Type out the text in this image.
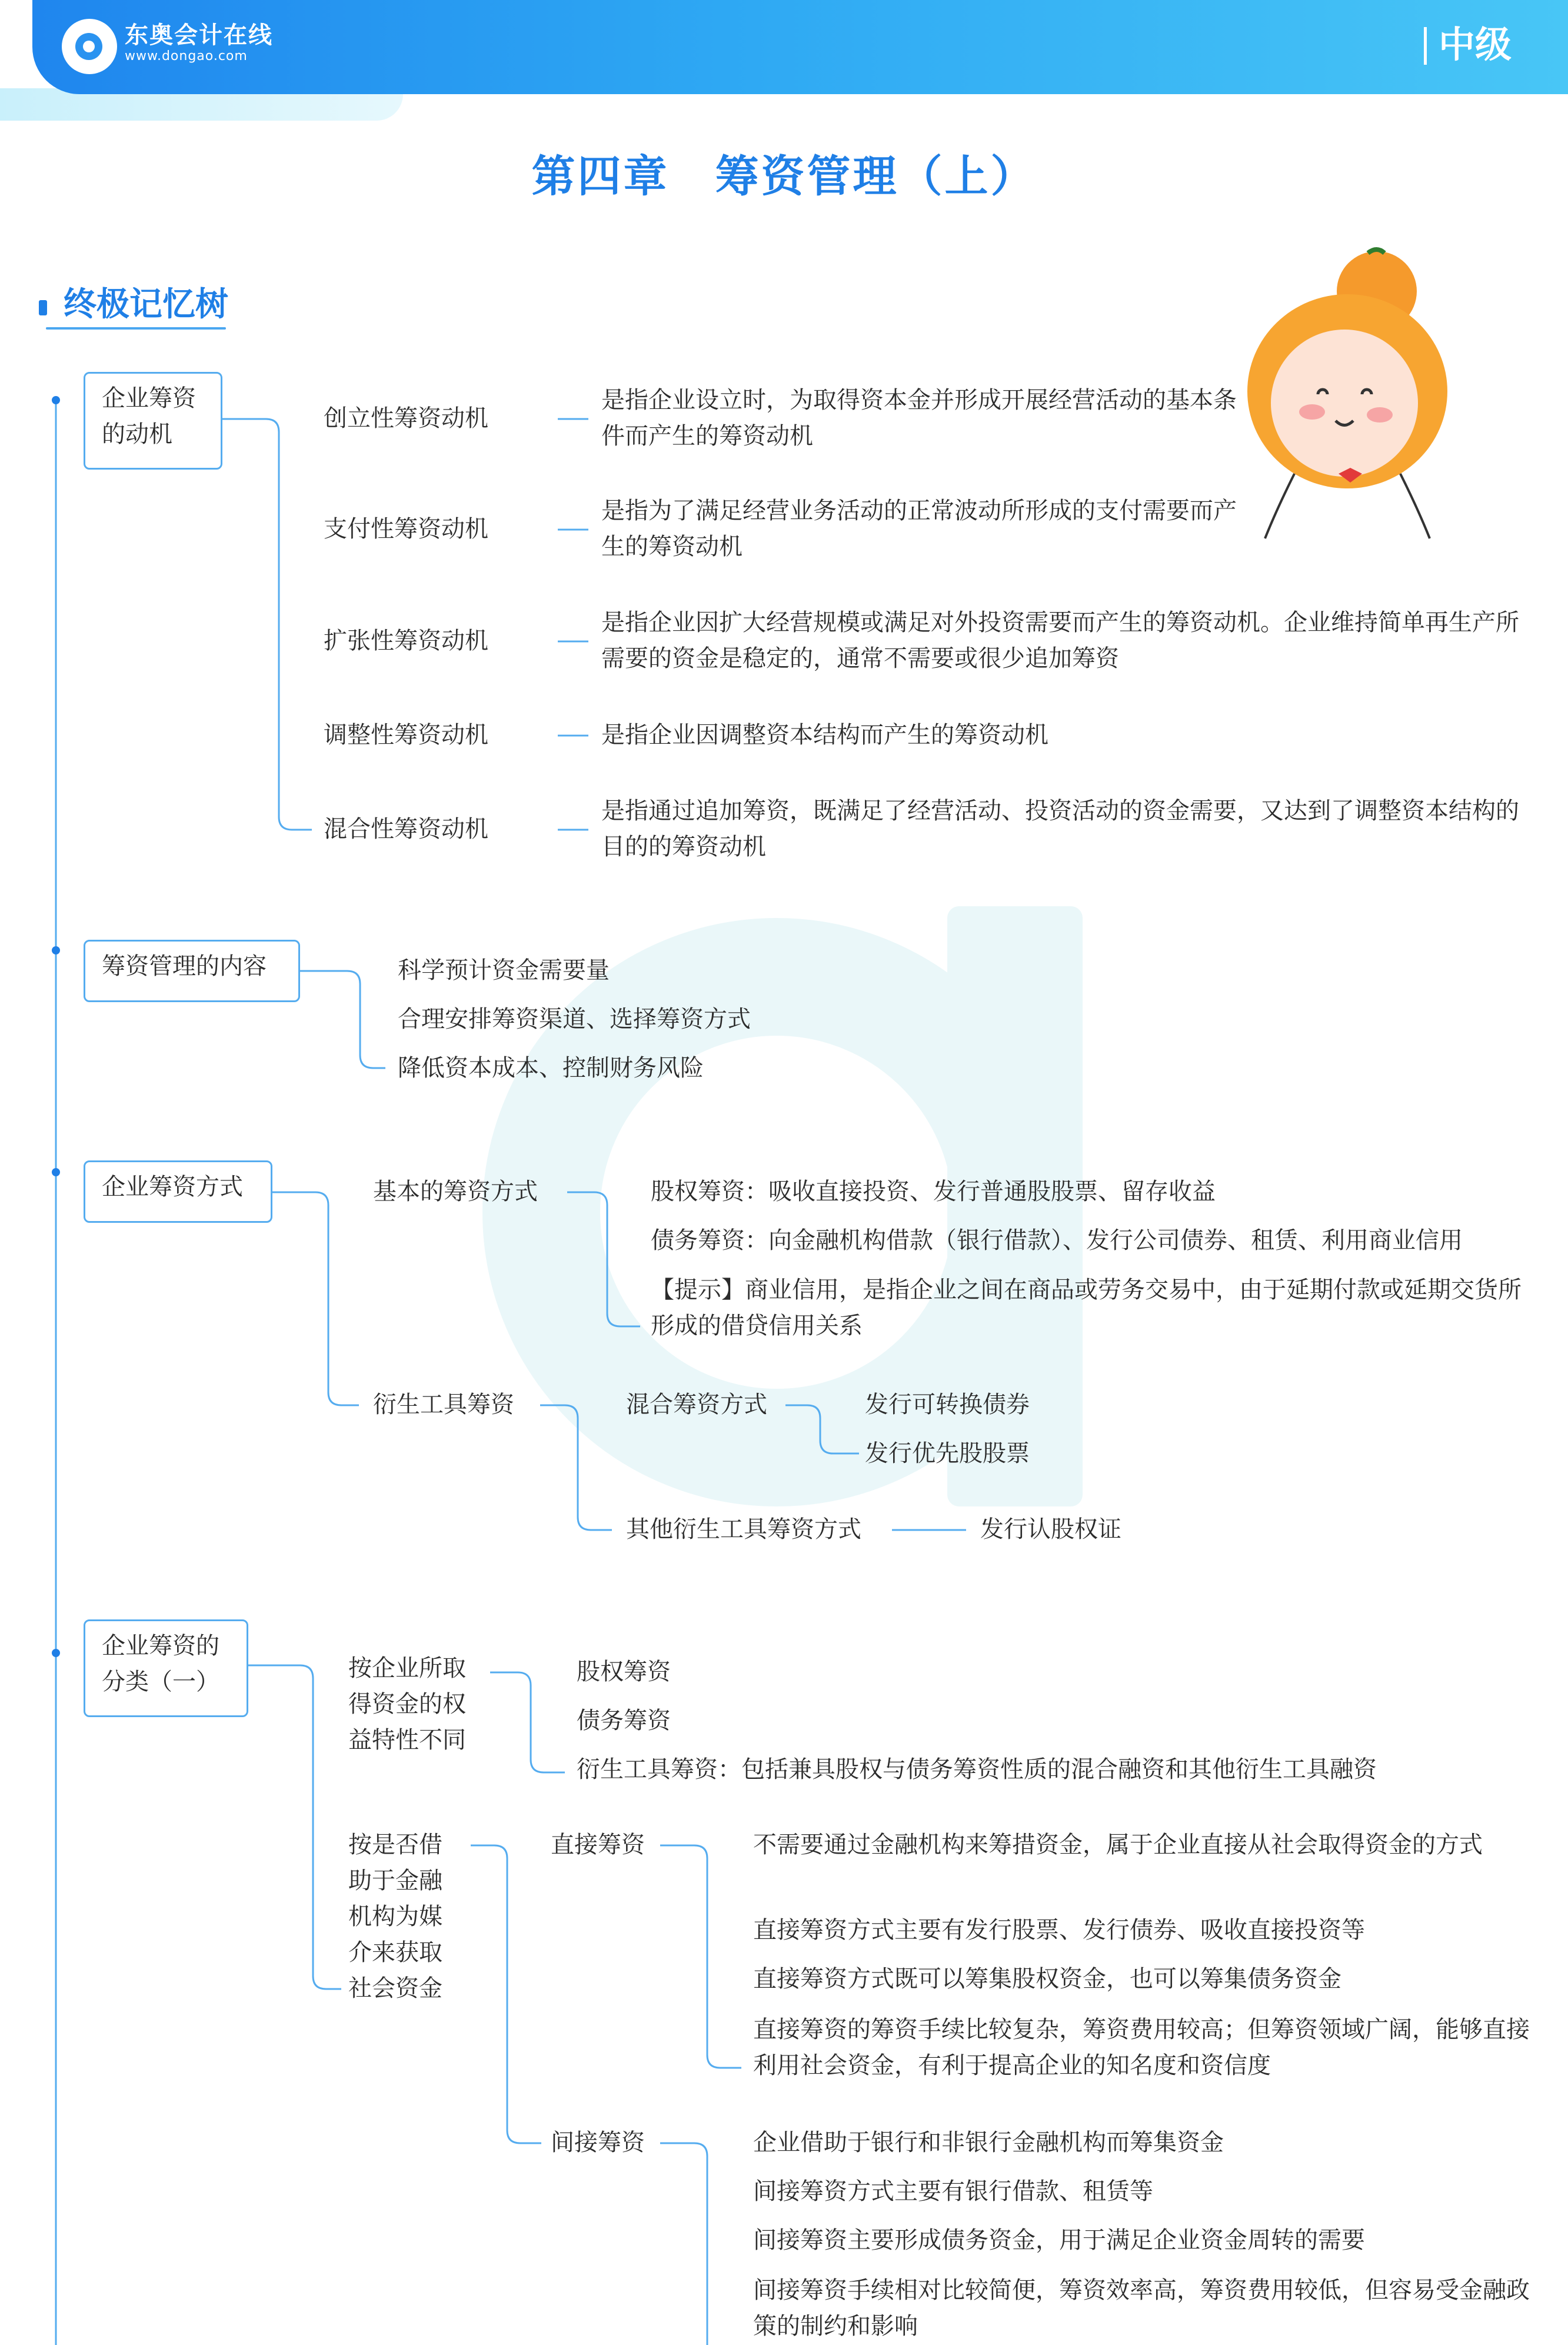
东奥会计在线
www.dongao.com	中级
第四章　筹资管理（上）
终极记忆树
企业筹资的动机
创立性筹资动机
是指企业设立时，为取得资本金并形成开展经营活动的基本条件而产生的筹资动机
支付性筹资动机
是指为了满足经营业务活动的正常波动所形成的支付需要而产生的筹资动机
扩张性筹资动机
是指企业因扩大经营规模或满足对外投资需要而产生的筹资动机。企业维持简单再生产所需要的资金是稳定的，通常不需要或很少追加筹资
调整性筹资动机	是指企业因调整资本结构而产生的筹资动机
混合性筹资动机
是指通过追加筹资，既满足了经营活动、投资活动的资金需要，又达到了调整资本结构的目的的筹资动机
筹资管理的内容	科学预计资金需要量
合理安排筹资渠道、选择筹资方式
降低资本成本、控制财务风险
企业筹资方式	基本的筹资方式	股权筹资：吸收直接投资、发行普通股股票、留存收益
债务筹资：向金融机构借款（银行借款）、发行公司债券、租赁、利用商业信用
【提示】商业信用，是指企业之间在商品或劳务交易中，由于延期付款或延期交货所形成的借贷信用关系
衍生工具筹资	混合筹资方式	发行可转换债券
发行优先股股票
其他衍生工具筹资方式	发行认股权证
企业筹资的分类（一）	按企业所取得资金的权益特性不同
股权筹资
债务筹资
衍生工具筹资：包括兼具股权与债务筹资性质的混合融资和其他衍生工具融资
按是否借助于金融机构为媒介来获取社会资金
直接筹资	不需要通过金融机构来筹措资金，属于企业直接从社会取得资金的方式
直接筹资方式主要有发行股票、发行债券、吸收直接投资等
直接筹资方式既可以筹集股权资金，也可以筹集债务资金
直接筹资的筹资手续比较复杂，筹资费用较高；但筹资领域广阔，能够直接利用社会资金，有利于提高企业的知名度和资信度
间接筹资	企业借助于银行和非银行金融机构而筹集资金
间接筹资方式主要有银行借款、租赁等
间接筹资主要形成债务资金，用于满足企业资金周转的需要
间接筹资手续相对比较简便，筹资效率高，筹资费用较低，但容易受金融政策的制约和影响
